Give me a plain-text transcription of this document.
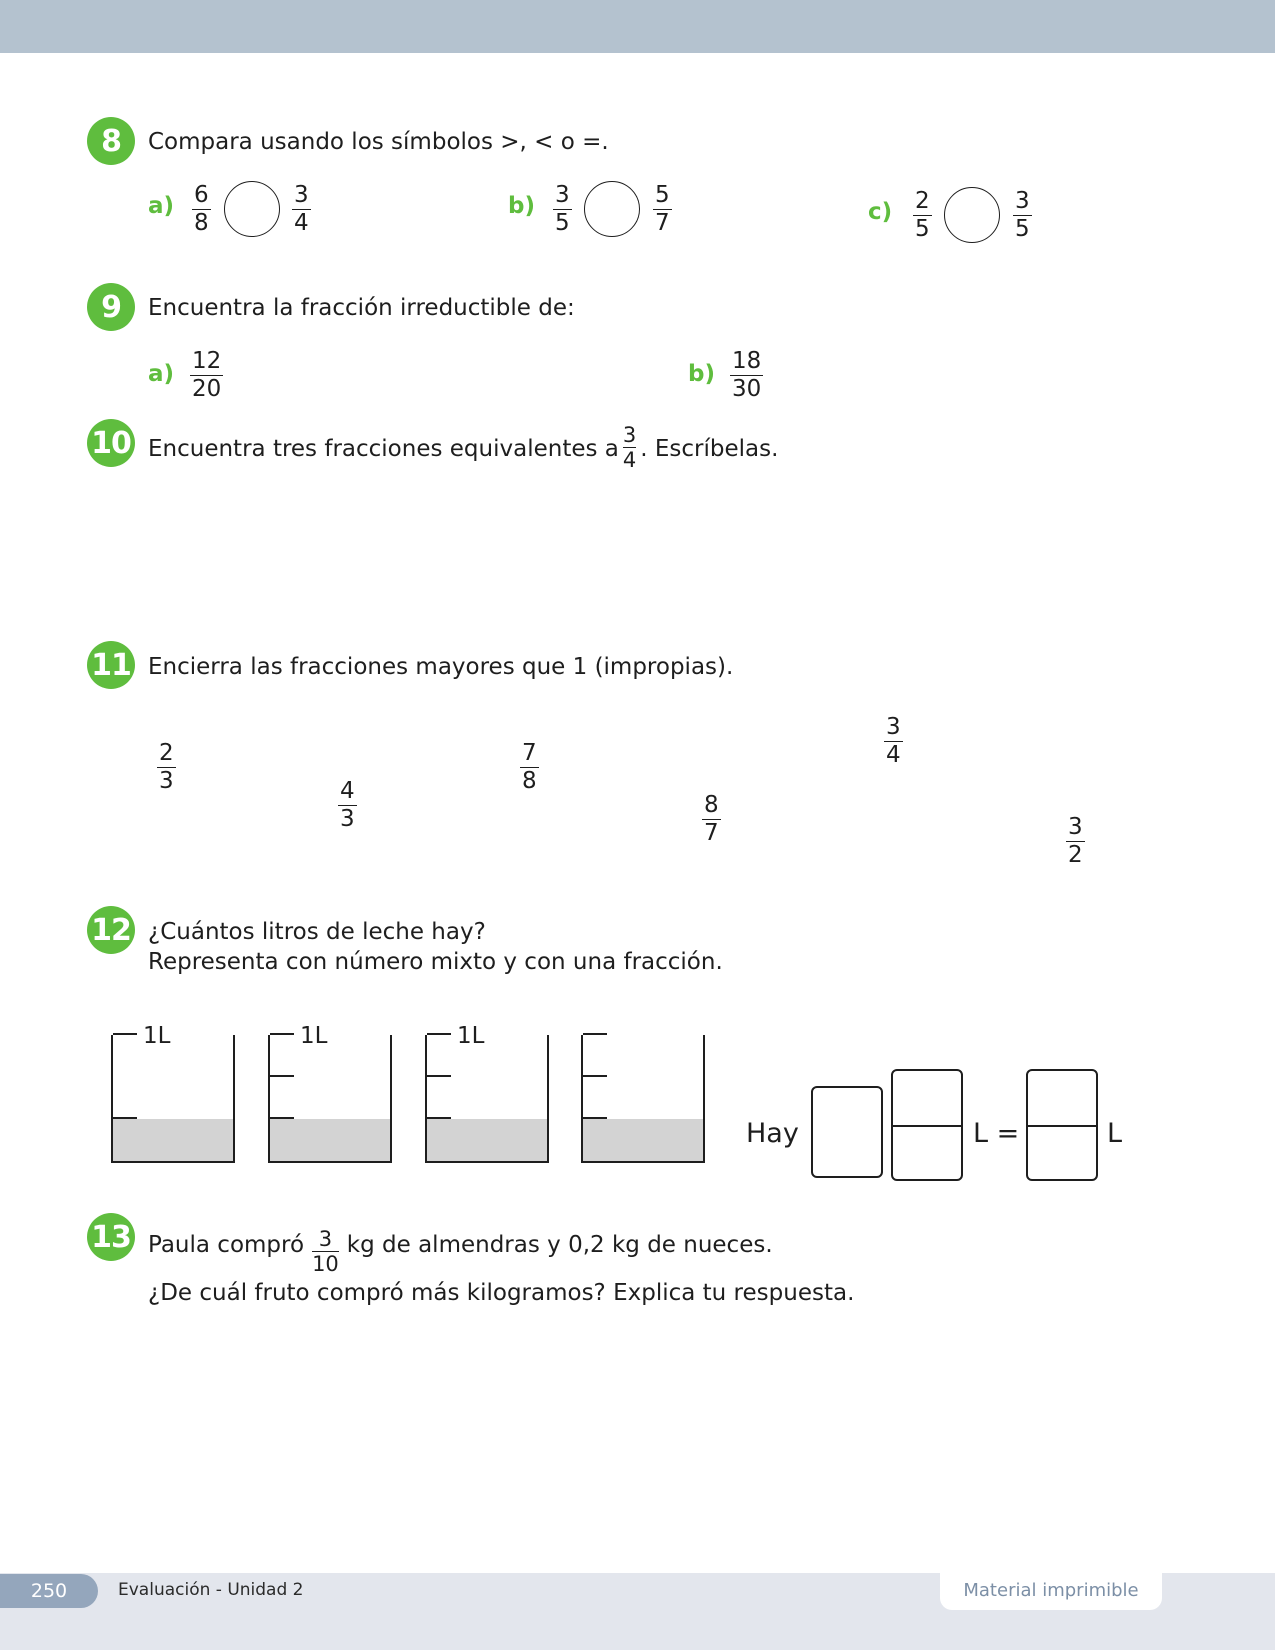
8 Compara usando los símbolos >, < o =.
a) 6
8
3
4
b) 3
5
5
7	c) 2
5
3
5
9 Encuentra la fracción irreductible de:
a) 12
20
b) 18
30
10 Encuentra tres fracciones equivalentes a $\frac{3}{4}$ . Escríbelas.
11 Encierra las fracciones mayores que 1 (impropias).
2
3	4
3
7
8
8
7
3
4
3
2
12 ¿Cuántos litros de leche hay?
Representa con número mixto y con una fracción.
1L	1L	1L
Hay	L =	L
13 Paula compró $\frac{3}{10}$ kg de almendras y 0,2 kg de nueces.
¿De cuál fruto compró más kilogramos? Explica tu respuesta.
250	Evaluación - Unidad 2	Material imprimible
